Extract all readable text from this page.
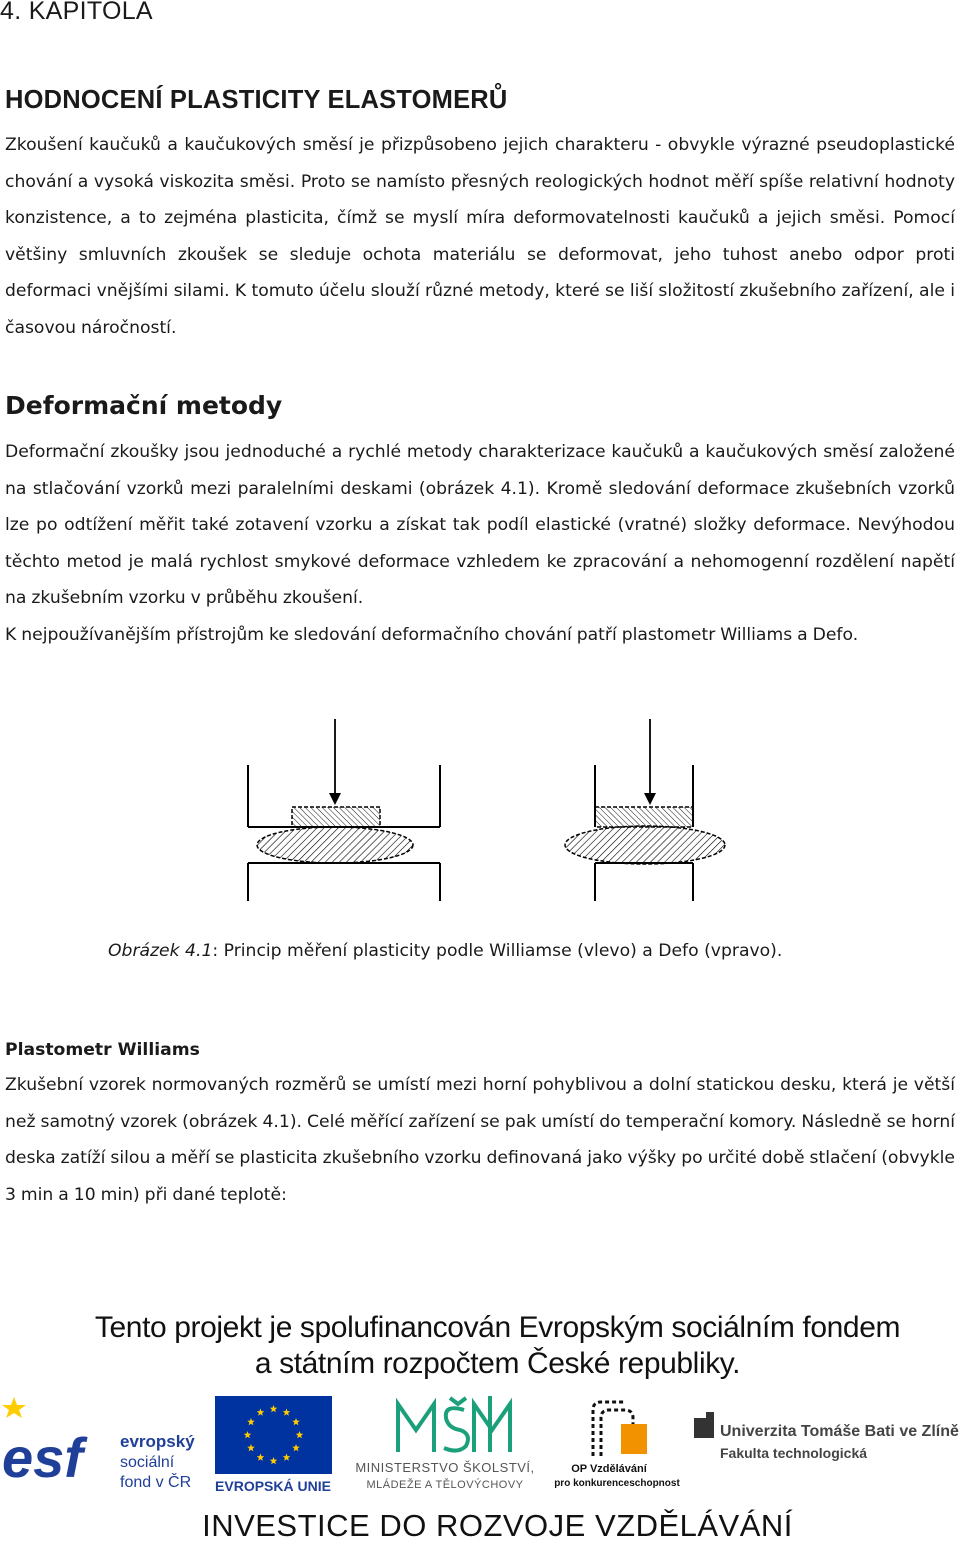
4. KAPITOLA
HODNOCENÍ PLASTICITY ELASTOMERŮ

Zkoušení kaučuků a kaučukových směsí je přizpůsobeno jejich charakteru - obvykle výrazné pseudoplastické chování a vysoká viskozita směsi. Proto se namísto přesných reologických hodnot měří spíše relativní hodnoty konzistence, a to zejména plasticita, čímž se myslí míra deformovatelnosti kaučuků a jejich směsi. Pomocí většiny smluvních zkoušek se sleduje ochota materiálu se deformovat, jeho tuhost anebo odpor proti deformaci vnějšími silami. K tomuto účelu slouží různé metody, které se liší složitostí zkušebního zařízení, ale i časovou náročností.

Deformační metody

Deformační zkoušky jsou jednoduché a rychlé metody charakterizace kaučuků a kaučukových směsí založené na stlačování vzorků mezi paralelními deskami (obrázek 4.1). Kromě sledování deformace zkušebních vzorků lze po odtížení měřit také zotavení vzorku a získat tak podíl elastické (vratné) složky deformace. Nevýhodou těchto metod je malá rychlost smykové deformace vzhledem ke zpracování a nehomogenní rozdělení napětí na zkušebním vzorku v průběhu zkoušení.

K nejpoužívanějším přístrojům ke sledování deformačního chování patří plastometr Williams a Defo.

Obrázek 4.1: Princip měření plasticity podle Williamse (vlevo) a Defo (vpravo).

Plastometr Williams

Zkušební vzorek normovaných rozměrů se umístí mezi horní pohyblivou a dolní statickou desku, která je větší než samotný vzorek (obrázek 4.1). Celé měřící zařízení se pak umístí do temperační komory. Následně se horní deska zatíží silou a měří se plasticita zkušebního vzorku definovaná jako výšky po určité době stlačení (obvykle 3 min a 10 min) při dané teplotě:

Tento projekt je spolufinancován Evropským sociálním fondem
a státním rozpočtem České republiky.
esf	evropský
sociální
fond v ČR EVROPSKÁ UNIE
MINISTERSTVO ŠKOLSTVÍ,
MLÁDEŽE A TĚLOVÝCHOVY
OP Vzdělávání
pro konkurenceschopnost
Univerzita Tomáše Bati ve Zlíně
Fakulta technologická
INVESTICE DO ROZVOJE VZDĚLÁVÁNÍ
